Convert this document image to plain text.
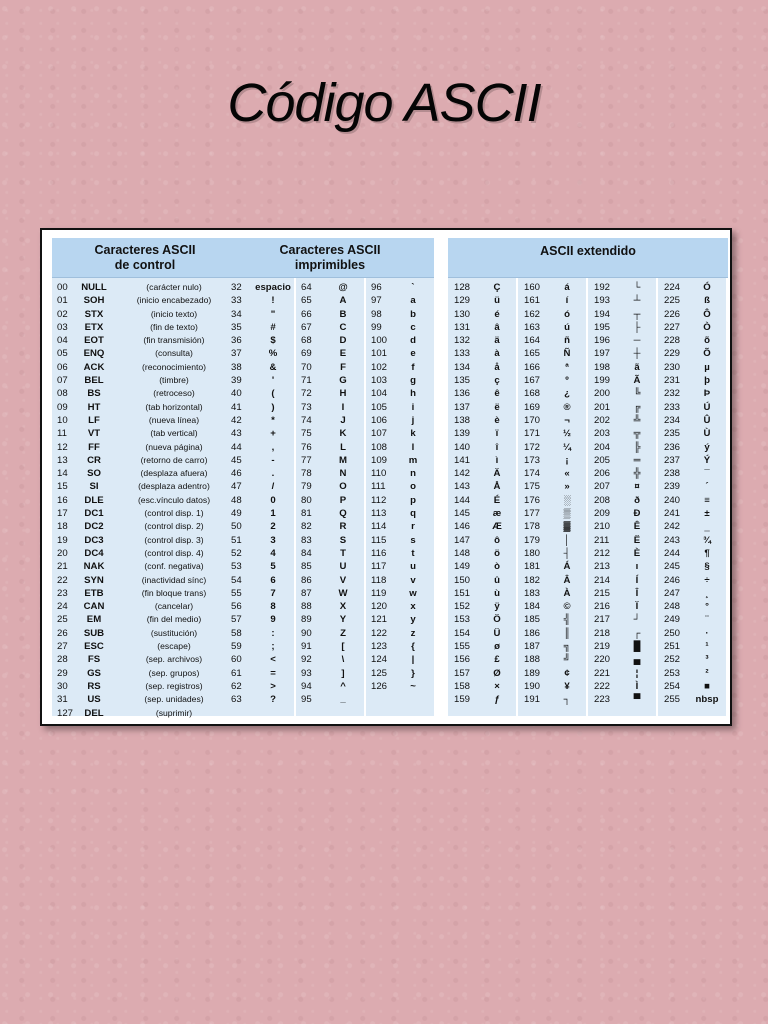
Código ASCII
Caracteres ASCII
de control
00	NULL	(carácter nulo)
01	SOH	(inicio encabezado)
02	STX	(inicio texto)
03	ETX	(fin de texto)
04	EOT	(fin transmisión)
05	ENQ	(consulta)
06	ACK	(reconocimiento)
07	BEL	(timbre)
08	BS	(retroceso)
09	HT	(tab horizontal)
10	LF	(nueva línea)
11	VT	(tab vertical)
12	FF	(nueva página)
13	CR	(retorno de carro)
14	SO	(desplaza afuera)
15	SI	(desplaza adentro)
16	DLE	(esc.vínculo datos)
17	DC1	(control disp. 1)
18	DC2	(control disp. 2)
19	DC3	(control disp. 3)
20	DC4	(control disp. 4)
21	NAK	(conf. negativa)
22	SYN	(inactividad sínc)
23	ETB	(fin bloque trans)
24	CAN	(cancelar)
25	EM	(fin del medio)
26	SUB	(sustitución)
27	ESC	(escape)
28	FS	(sep. archivos)
29	GS	(sep. grupos)
30	RS	(sep. registros)
31	US	(sep. unidades)
127	DEL	(suprimir)
Caracteres ASCII
imprimibles
32	espacio
33	!
34	"
35	#
36	$
37	%
38	&
39	'
40	(
41	)
42	*
43	+
44	,
45	-
46	.
47	/
48	0
49	1
50	2
51	3
52	4
53	5
54	6
55	7
56	8
57	9
58	:
59	;
60	<
61	=
62	>
63	?
64	@
65	A
66	B
67	C
68	D
69	E
70	F
71	G
72	H
73	I
74	J
75	K
76	L
77	M
78	N
79	O
80	P
81	Q
82	R
83	S
84	T
85	U
86	V
87	W
88	X
89	Y
90	Z
91	[
92	\
93	]
94	^
95	_
96	`
97	a
98	b
99	c
100	d
101	e
102	f
103	g
104	h
105	i
106	j
107	k
108	l
109	m
110	n
111	o
112	p
113	q
114	r
115	s
116	t
117	u
118	v
119	w
120	x
121	y
122	z
123	{
124	|
125	}
126	~
ASCII extendido
128	Ç
129	ü
130	é
131	â
132	ä
133	à
134	å
135	ç
136	ê
137	ë
138	è
139	ï
140	î
141	ì
142	Ä
143	Å
144	É
145	æ
146	Æ
147	ô
148	ö
149	ò
150	û
151	ù
152	ÿ
153	Ö
154	Ü
155	ø
156	£
157	Ø
158	×
159	ƒ
160	á
161	í
162	ó
163	ú
164	ñ
165	Ñ
166	ª
167	º
168	¿
169	®
170	¬
171	½
172	¼
173	¡
174	«
175	»
176	░
177	▒
178	▓
179	│
180	┤
181	Á
182	Â
183	À
184	©
185	╣
186	║
187	╗
188	╝
189	¢
190	¥
191	┐
192	└
193	┴
194	┬
195	├
196	─
197	┼
198	ã
199	Ã
200	╚
201	╔
202	╩
203	╦
204	╠
205	═
206	╬
207	¤
208	ð
209	Ð
210	Ê
211	Ë
212	È
213	ı
214	Í
215	Î
216	Ï
217	┘
218	┌
219	█
220	▄
221	¦
222	Ì
223	▀
224	Ó
225	ß
226	Ô
227	Ò
228	õ
229	Õ
230	µ
231	þ
232	Þ
233	Ú
234	Û
235	Ù
236	ý
237	Ý
238	¯
239	´
240	≡
241	±
242	‗
243	¾
244	¶
245	§
246	÷
247	¸
248	°
249	¨
250	·
251	¹
252	³
253	²
254	■
255	nbsp
